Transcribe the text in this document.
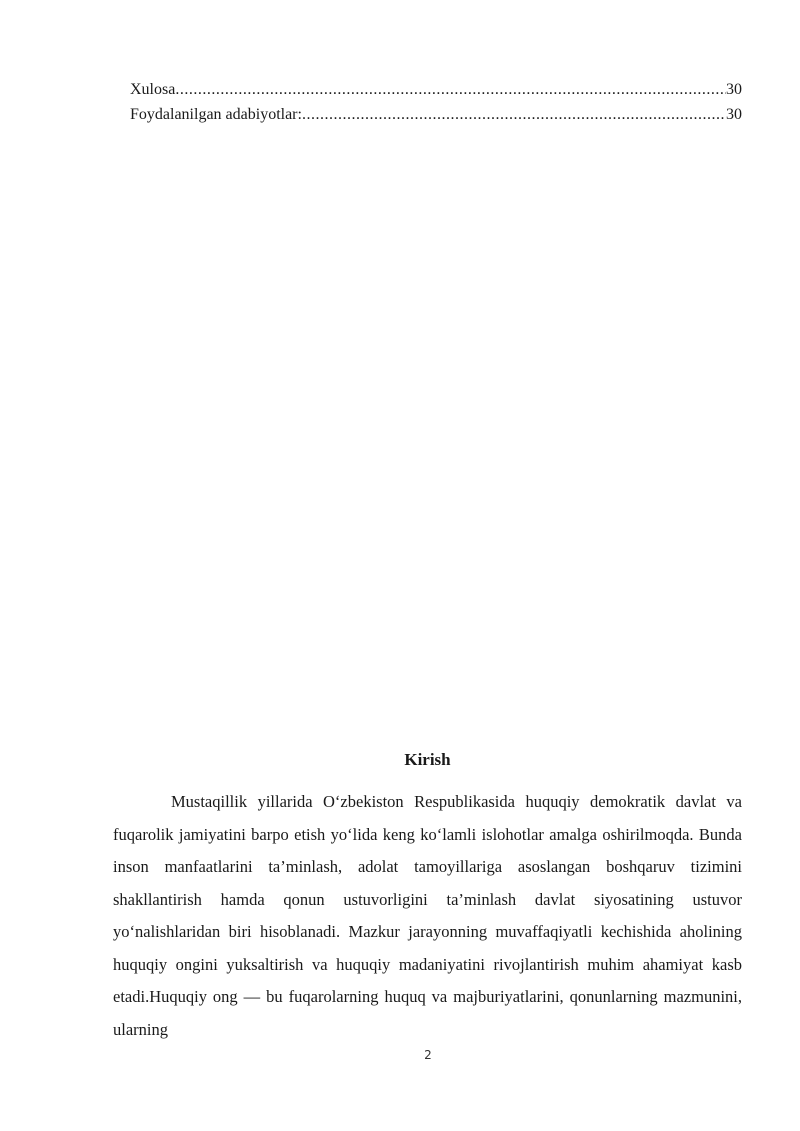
Xulosa .....	30
Foydalanilgan adabiyotlar: .....	30
Kirish

Mustaqillik yillarida O‘zbekiston Respublikasida huquqiy demokratik davlat va fuqarolik jamiyatini barpo etish yo‘lida keng ko‘lamli islohotlar amalga oshirilmoqda. Bunda inson manfaatlarini ta’minlash, adolat tamoyillariga asoslangan boshqaruv tizimini shakllantirish hamda qonun ustuvorligini ta’minlash davlat siyosatining ustuvor yo‘nalishlaridan biri hisoblanadi. Mazkur jarayonning muvaffaqiyatli kechishida aholining huquqiy ongini yuksaltirish va huquqiy madaniyatini rivojlantirish muhim ahamiyat kasb etadi.Huquqiy ong — bu fuqarolarning huquq va majburiyatlarini, qonunlarning mazmunini, ularning

2
